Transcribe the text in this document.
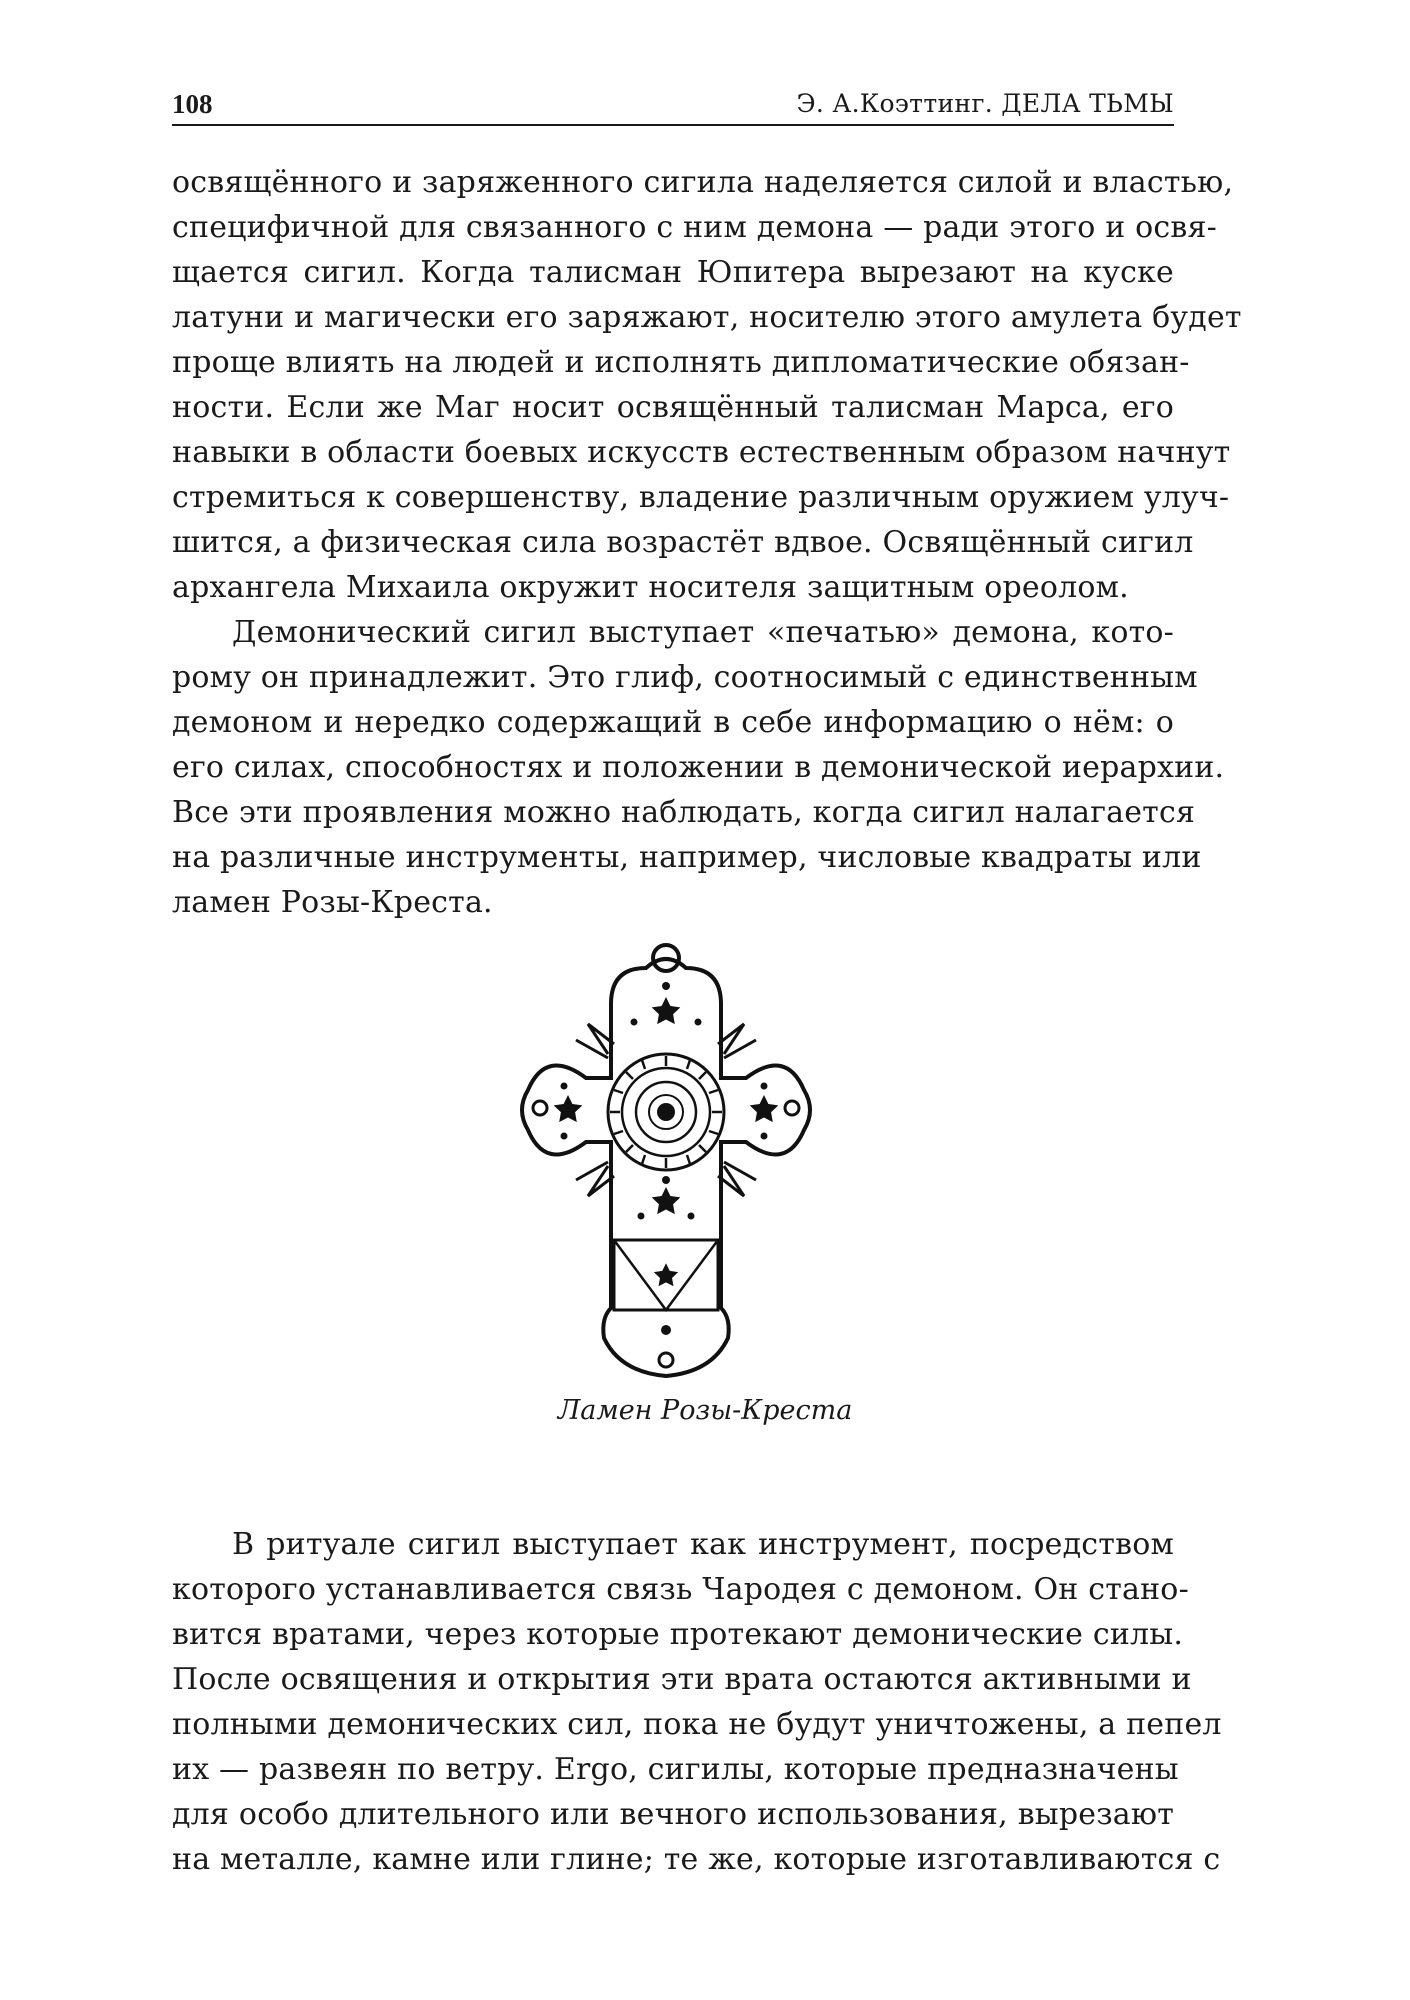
108	Э. А.Коэттинг. ДЕЛА ТЬМЫ
освящённого и заряженного сигила наделяется силой и властью,
специфичной для связанного с ним демона — ради этого и освя-
щается сигил. Когда талисман Юпитера вырезают на куске
латуни и магически его заряжают, носителю этого амулета будет
проще влиять на людей и исполнять дипломатические обязан-
ности. Если же Маг носит освящённый талисман Марса, его
навыки в области боевых искусств естественным образом начнут
стремиться к совершенству, владение различным оружием улуч-
шится, а физическая сила возрастёт вдвое. Освящённый сигил
архангела Михаила окружит носителя защитным ореолом.
Демонический сигил выступает «печатью» демона, кото-
рому он принадлежит. Это глиф, соотносимый с единственным
демоном и нередко содержащий в себе информацию о нём: о
его силах, способностях и положении в демонической иерархии.
Все эти проявления можно наблюдать, когда сигил налагается
на различные инструменты, например, числовые квадраты или
ламен Розы-Креста.
Ламен Розы-Креста
В ритуале сигил выступает как инструмент, посредством
которого устанавливается связь Чародея с демоном. Он стано-
вится вратами, через которые протекают демонические силы.
После освящения и открытия эти врата остаются активными и
полными демонических сил, пока не будут уничтожены, а пепел
их — развеян по ветру. Ergo, сигилы, которые предназначены
для особо длительного или вечного использования, вырезают
на металле, камне или глине; те же, которые изготавливаются с
